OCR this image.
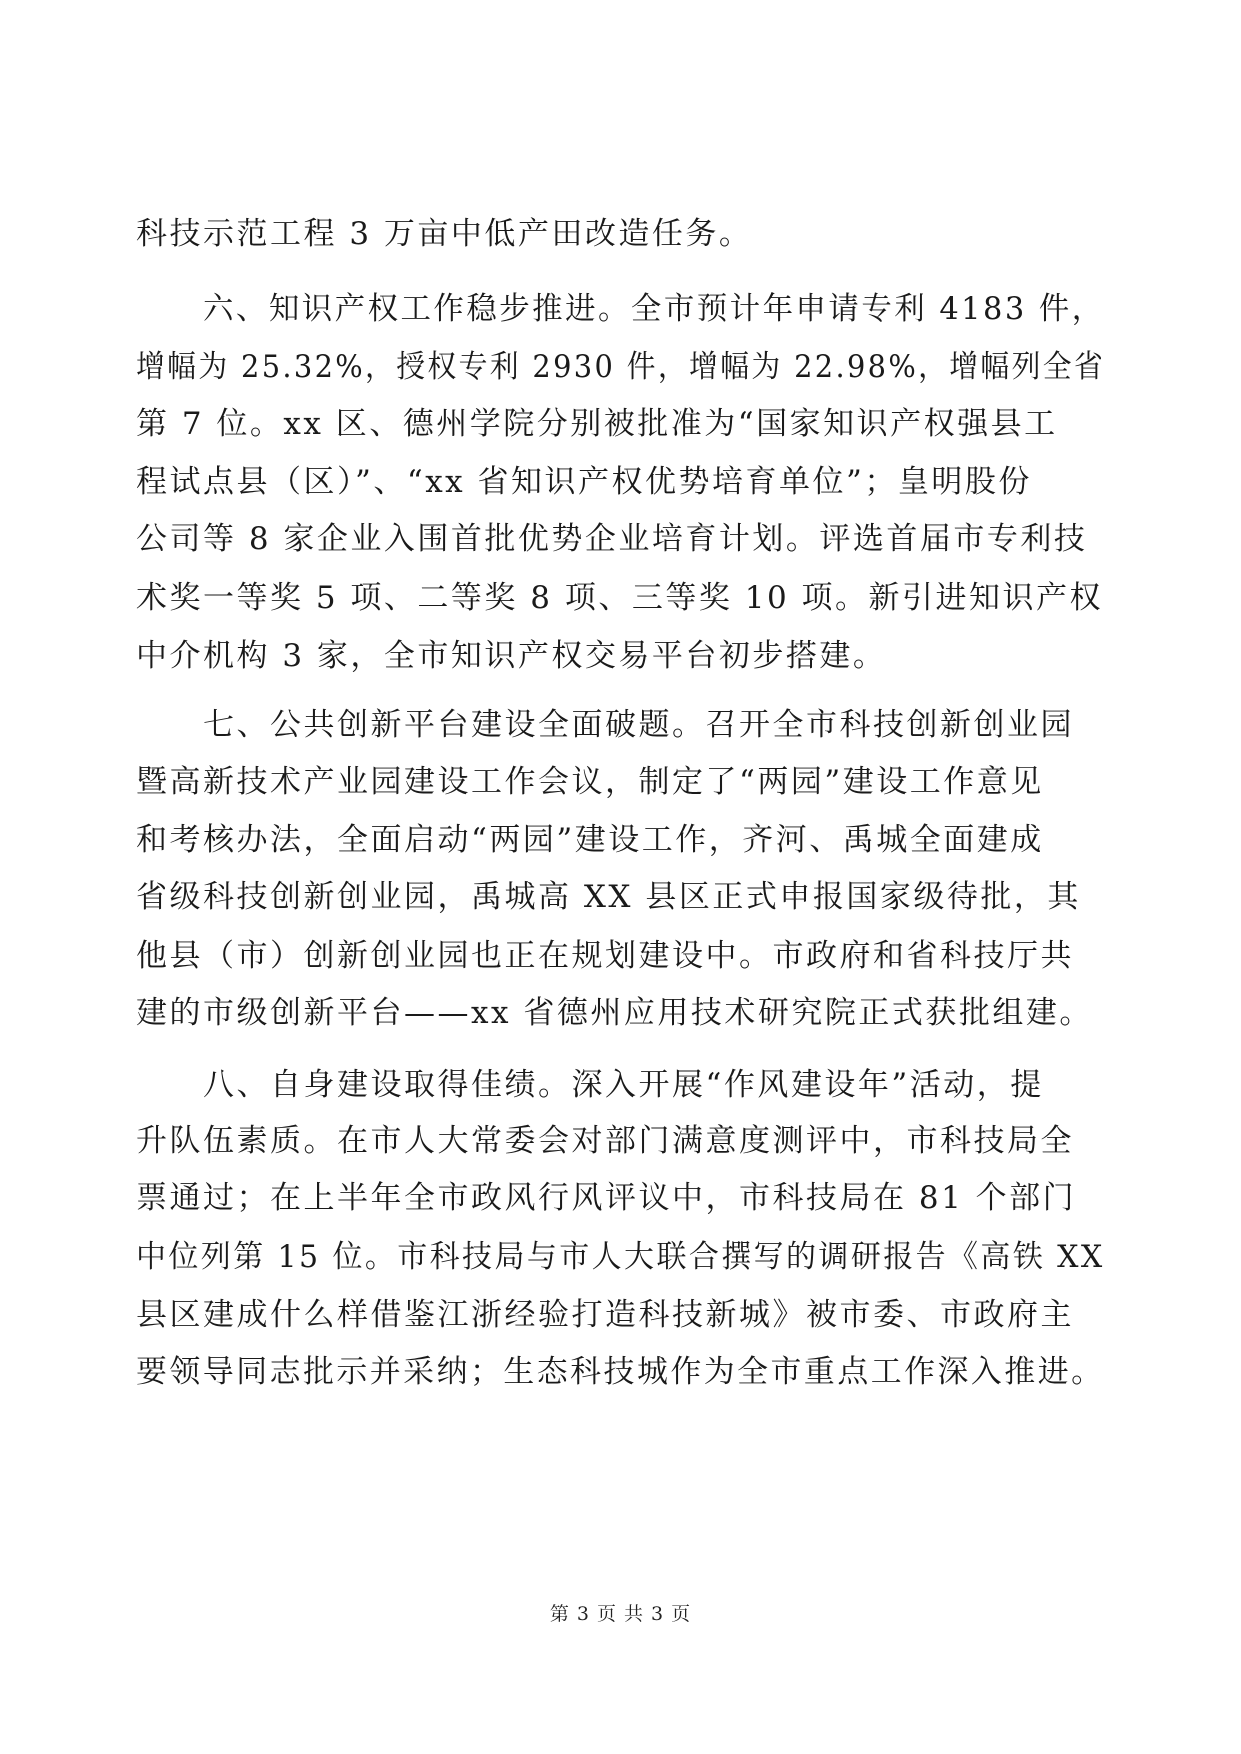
科技示范工程 3 万亩中低产田改造任务。
六、知识产权工作稳步推进。全市预计年申请专利 4183 件，
增幅为 25.32%，授权专利 2930 件，增幅为 22.98%，增幅列全省
第 7 位。xx 区、德州学院分别被批准为“国家知识产权强县工
程试点县（区）”、“xx 省知识产权优势培育单位”；皇明股份
公司等 8 家企业入围首批优势企业培育计划。评选首届市专利技
术奖一等奖 5 项、二等奖 8 项、三等奖 10 项。新引进知识产权
中介机构 3 家，全市知识产权交易平台初步搭建。
七、公共创新平台建设全面破题。召开全市科技创新创业园
暨高新技术产业园建设工作会议，制定了“两园”建设工作意见
和考核办法，全面启动“两园”建设工作，齐河、禹城全面建成
省级科技创新创业园，禹城高 XX 县区正式申报国家级待批，其
他县（市）创新创业园也正在规划建设中。市政府和省科技厅共
建的市级创新平台——xx 省德州应用技术研究院正式获批组建。
八、自身建设取得佳绩。深入开展“作风建设年”活动，提
升队伍素质。在市人大常委会对部门满意度测评中，市科技局全
票通过；在上半年全市政风行风评议中，市科技局在 81 个部门
中位列第 15 位。市科技局与市人大联合撰写的调研报告《高铁 XX
县区建成什么样借鉴江浙经验打造科技新城》被市委、市政府主
要领导同志批示并采纳；生态科技城作为全市重点工作深入推进。
第 3 页 共 3 页
